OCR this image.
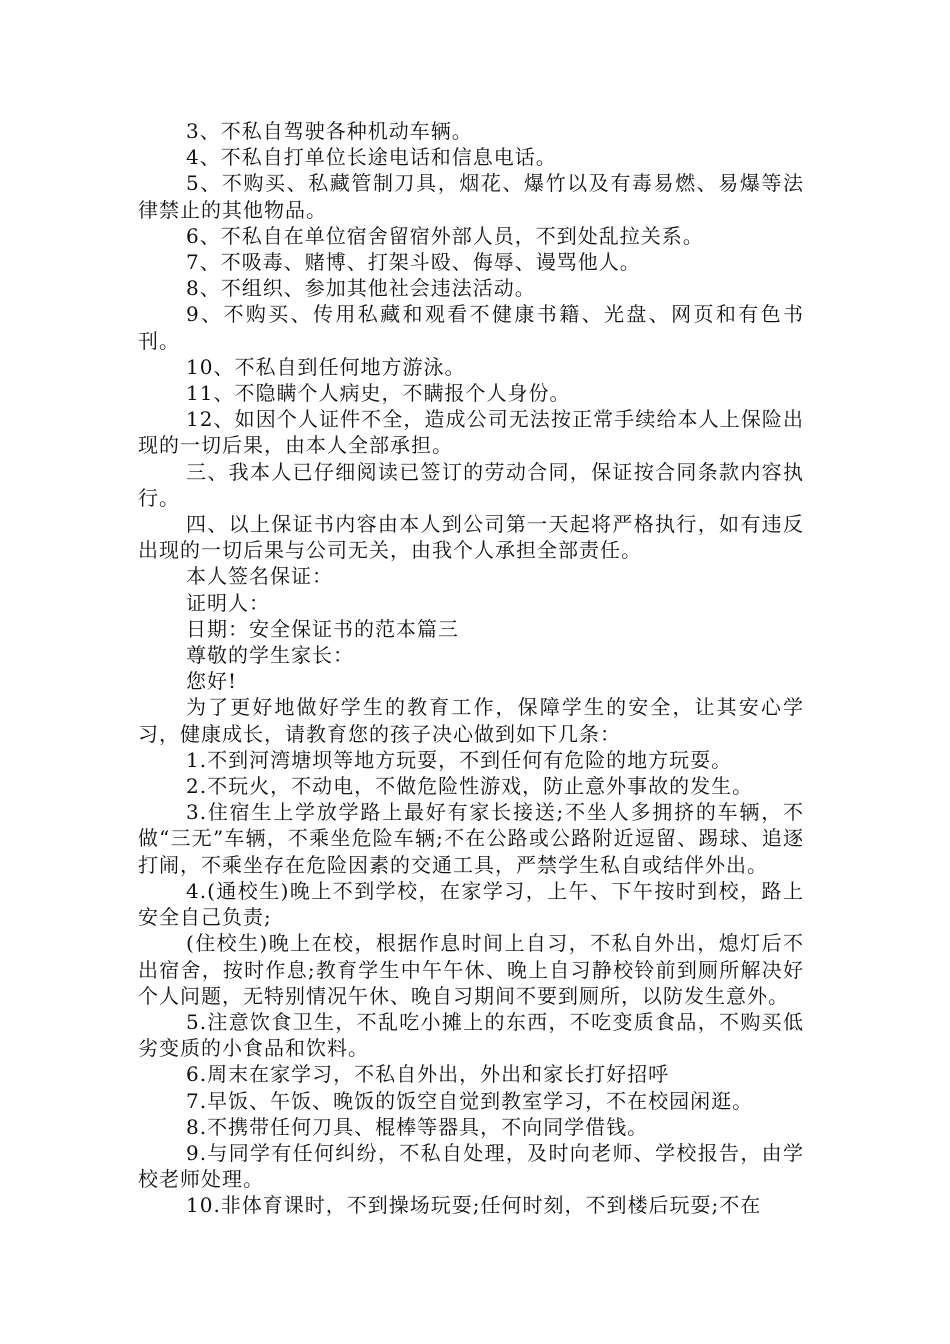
3、不私自驾驶各种机动车辆。

4、不私自打单位长途电话和信息电话。

5、不购买、私藏管制刀具，烟花、爆竹以及有毒易燃、易爆等法律禁止的其他物品。

6、不私自在单位宿舍留宿外部人员，不到处乱拉关系。

7、不吸毒、赌博、打架斗殴、侮辱、谩骂他人。

8、不组织、参加其他社会违法活动。

9、不购买、传用私藏和观看不健康书籍、光盘、网页和有色书刊。

10、不私自到任何地方游泳。

11、不隐瞒个人病史，不瞒报个人身份。

12、如因个人证件不全，造成公司无法按正常手续给本人上保险出现的一切后果，由本人全部承担。

三、我本人已仔细阅读已签订的劳动合同，保证按合同条款内容执行。

四、以上保证书内容由本人到公司第一天起将严格执行，如有违反出现的一切后果与公司无关，由我个人承担全部责任。

本人签名保证：

证明人：

日期：安全保证书的范本篇三

尊敬的学生家长：

您好!

为了更好地做好学生的教育工作，保障学生的安全，让其安心学习，健康成长，请教育您的孩子决心做到如下几条：

1.不到河湾塘坝等地方玩耍，不到任何有危险的地方玩耍。

2.不玩火，不动电，不做危险性游戏，防止意外事故的发生。

3.住宿生上学放学路上最好有家长接送;不坐人多拥挤的车辆，不做“三无”车辆，不乘坐危险车辆;不在公路或公路附近逗留、踢球、追逐打闹，不乘坐存在危险因素的交通工具，严禁学生私自或结伴外出。

4.(通校生)晚上不到学校，在家学习，上午、下午按时到校，路上安全自己负责;

(住校生)晚上在校，根据作息时间上自习，不私自外出，熄灯后不出宿舍，按时作息;教育学生中午午休、晚上自习静校铃前到厕所解决好个人问题，无特别情况午休、晚自习期间不要到厕所，以防发生意外。

5.注意饮食卫生，不乱吃小摊上的东西，不吃变质食品，不购买低劣变质的小食品和饮料。

6.周末在家学习，不私自外出，外出和家长打好招呼

7.早饭、午饭、晚饭的饭空自觉到教室学习，不在校园闲逛。

8.不携带任何刀具、棍棒等器具，不向同学借钱。

9.与同学有任何纠纷，不私自处理，及时向老师、学校报告，由学校老师处理。

10.非体育课时，不到操场玩耍;任何时刻，不到楼后玩耍;不在
